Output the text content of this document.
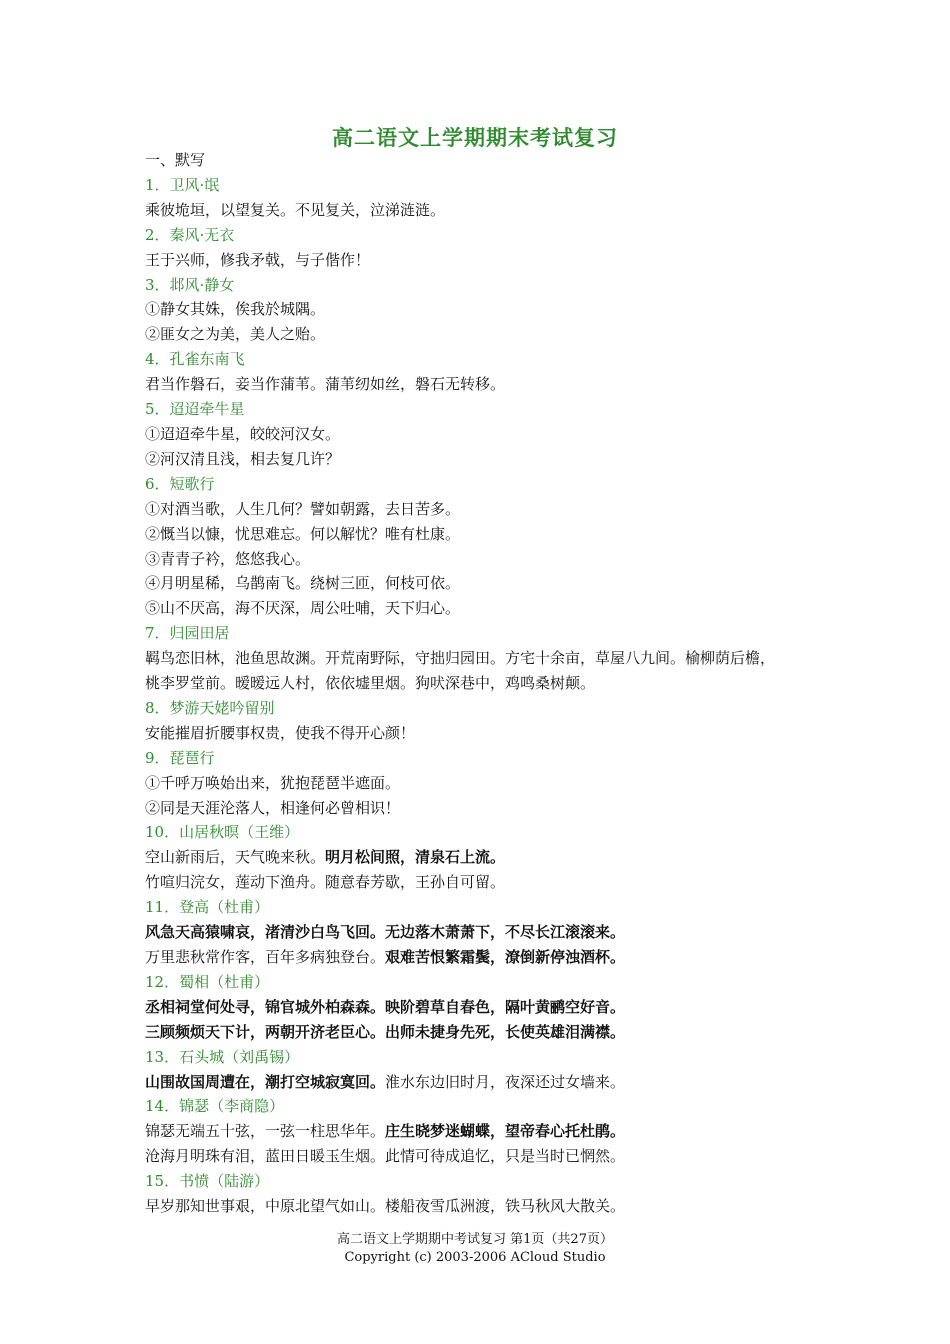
高二语文上学期期末考试复习
一、默写
1．卫风·氓
乘彼垝垣，以望复关。不见复关，泣涕涟涟。
2．秦风·无衣
王于兴师，修我矛戟，与子偕作！
3．邶风·静女
①静女其姝，俟我於城隅。
②匪女之为美，美人之贻。
4．孔雀东南飞
君当作磐石，妾当作蒲苇。蒲苇纫如丝，磐石无转移。
5．迢迢牵牛星
①迢迢牵牛星，皎皎河汉女。
②河汉清且浅，相去复几许？
6．短歌行
①对酒当歌，人生几何？譬如朝露，去日苦多。
②慨当以慷，忧思难忘。何以解忧？唯有杜康。
③青青子衿，悠悠我心。
④月明星稀，乌鹊南飞。绕树三匝，何枝可依。
⑤山不厌高，海不厌深，周公吐哺，天下归心。
7．归园田居
羁鸟恋旧林，池鱼思故渊。开荒南野际，守拙归园田。方宅十余亩，草屋八九间。榆柳荫后檐，
桃李罗堂前。暧暧远人村，依依墟里烟。狗吠深巷中，鸡鸣桑树颠。
8．梦游天姥吟留别
安能摧眉折腰事权贵，使我不得开心颜！
9．琵琶行
①千呼万唤始出来，犹抱琵琶半遮面。
②同是天涯沦落人，相逢何必曾相识！
10．山居秋暝（王维）
空山新雨后，天气晚来秋。明月松间照，清泉石上流。
竹喧归浣女，莲动下渔舟。随意春芳歇，王孙自可留。
11．登高（杜甫）
风急天高猿啸哀，渚清沙白鸟飞回。无边落木萧萧下，不尽长江滚滚来。
万里悲秋常作客，百年多病独登台。艰难苦恨繁霜鬓，潦倒新停浊酒杯。
12．蜀相（杜甫）
丞相祠堂何处寻，锦官城外柏森森。映阶碧草自春色，隔叶黄鹂空好音。
三顾频烦天下计，两朝开济老臣心。出师未捷身先死，长使英雄泪满襟。
13．石头城（刘禹锡）
山围故国周遭在，潮打空城寂寞回。淮水东边旧时月，夜深还过女墙来。
14．锦瑟（李商隐）
锦瑟无端五十弦，一弦一柱思华年。庄生晓梦迷蝴蝶，望帝春心托杜鹃。
沧海月明珠有泪，蓝田日暖玉生烟。此情可待成追忆，只是当时已惘然。
15．书愤（陆游）
早岁那知世事艰，中原北望气如山。楼船夜雪瓜洲渡，铁马秋风大散关。
高二语文上学期期中考试复习 第1页（共27页）
Copyright (c) 2003-2006 ACloud Studio
